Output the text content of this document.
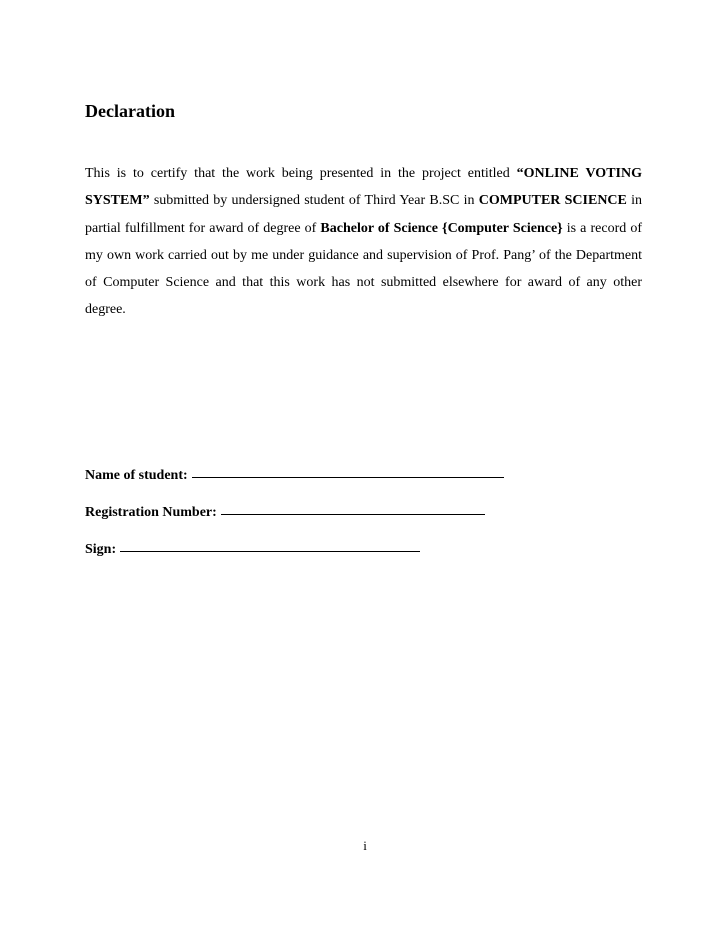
Declaration

This is to certify that the work being presented in the project entitled “ONLINE VOTING SYSTEM” submitted by undersigned student of Third Year B.SC in COMPUTER SCIENCE in partial fulfillment for award of degree of Bachelor of Science {Computer Science} is a record of my own work carried out by me under guidance and supervision of Prof. Pang’ of the Department of Computer Science and that this work has not submitted elsewhere for award of any other degree.

Name of student:
Registration Number:
Sign:
i
